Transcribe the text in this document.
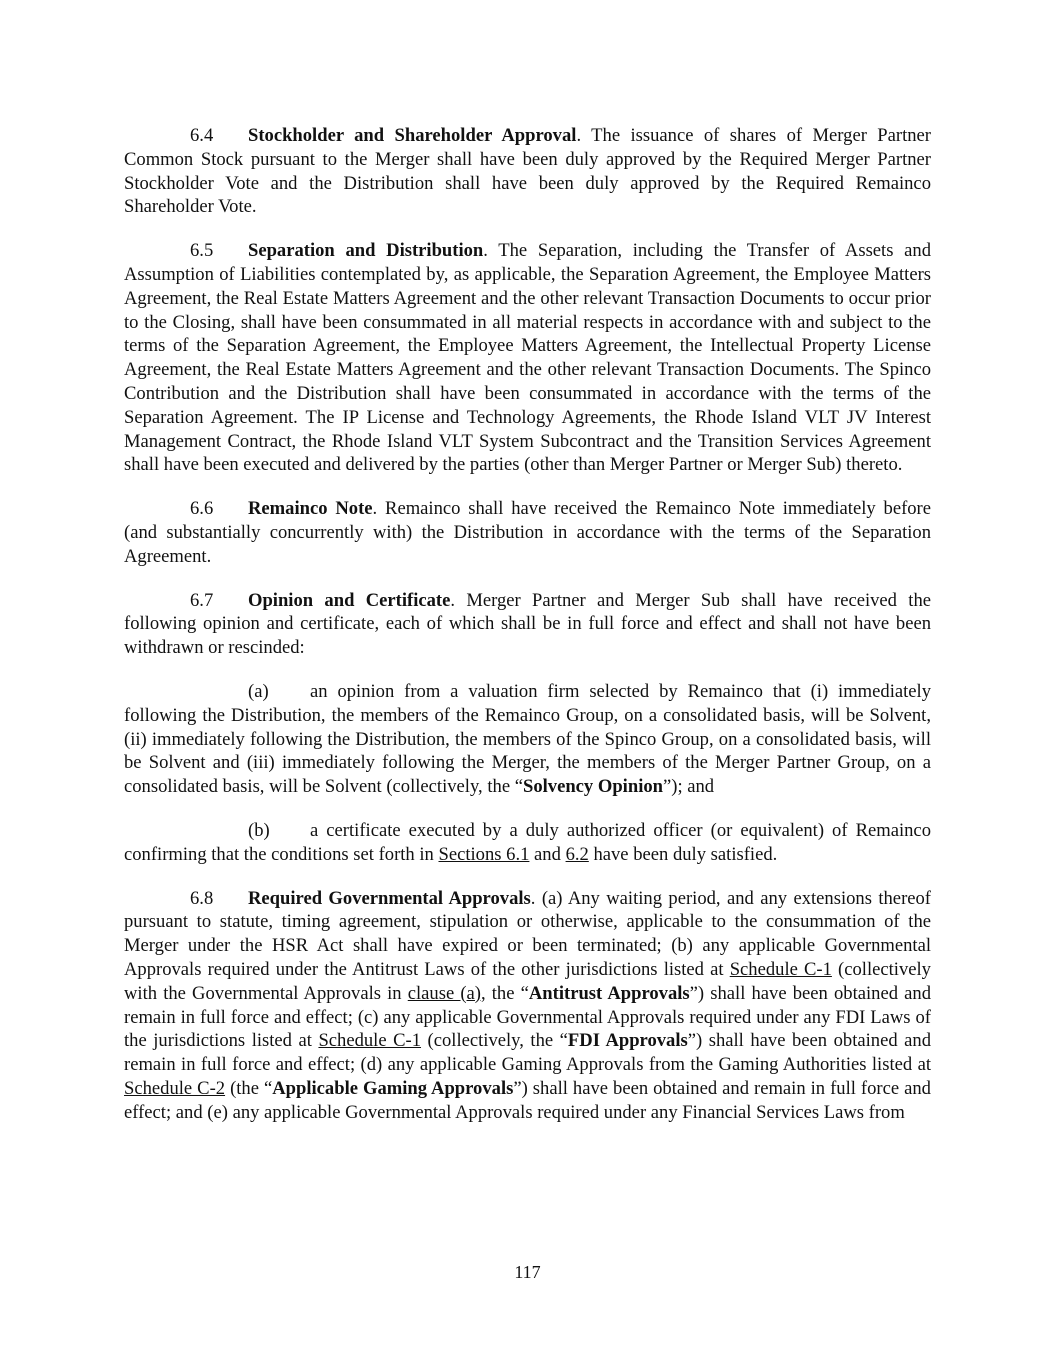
6.4 Stockholder and Shareholder Approval. The issuance of shares of Merger Partner Common Stock pursuant to the Merger shall have been duly approved by the Required Merger Partner Stockholder Vote and the Distribution shall have been duly approved by the Required Remainco Shareholder Vote.

6.5 Separation and Distribution. The Separation, including the Transfer of Assets and Assumption of Liabilities contemplated by, as applicable, the Separation Agreement, the Employee Matters Agreement, the Real Estate Matters Agreement and the other relevant Transaction Documents to occur prior to the Closing, shall have been consummated in all material respects in accordance with and subject to the terms of the Separation Agreement, the Employee Matters Agreement, the Intellectual Property License Agreement, the Real Estate Matters Agreement and the other relevant Transaction Documents. The Spinco Contribution and the Distribution shall have been consummated in accordance with the terms of the Separation Agreement. The IP License and Technology Agreements, the Rhode Island VLT JV Interest Management Contract, the Rhode Island VLT System Subcontract and the Transition Services Agreement shall have been executed and delivered by the parties (other than Merger Partner or Merger Sub) thereto.

6.6 Remainco Note. Remainco shall have received the Remainco Note immediately before (and substantially concurrently with) the Distribution in accordance with the terms of the Separation Agreement.

6.7 Opinion and Certificate. Merger Partner and Merger Sub shall have received the following opinion and certificate, each of which shall be in full force and effect and shall not have been withdrawn or rescinded:

(a) an opinion from a valuation firm selected by Remainco that (i) immediately following the Distribution, the members of the Remainco Group, on a consolidated basis, will be Solvent, (ii) immediately following the Distribution, the members of the Spinco Group, on a consolidated basis, will be Solvent and (iii) immediately following the Merger, the members of the Merger Partner Group, on a consolidated basis, will be Solvent (collectively, the “Solvency Opinion”); and

(b) a certificate executed by a duly authorized officer (or equivalent) of Remainco confirming that the conditions set forth in Sections 6.1 and 6.2 have been duly satisfied.

6.8 Required Governmental Approvals. (a) Any waiting period, and any extensions thereof pursuant to statute, timing agreement, stipulation or otherwise, applicable to the consummation of the Merger under the HSR Act shall have expired or been terminated; (b) any applicable Governmental Approvals required under the Antitrust Laws of the other jurisdictions listed at Schedule C-1 (collectively with the Governmental Approvals in clause (a), the “Antitrust Approvals”) shall have been obtained and remain in full force and effect; (c) any applicable Governmental Approvals required under any FDI Laws of the jurisdictions listed at Schedule C-1 (collectively, the “FDI Approvals”) shall have been obtained and remain in full force and effect; (d) any applicable Gaming Approvals from the Gaming Authorities listed at Schedule C-2 (the “Applicable Gaming Approvals”) shall have been obtained and remain in full force and effect; and (e) any applicable Governmental Approvals required under any Financial Services Laws from

117
